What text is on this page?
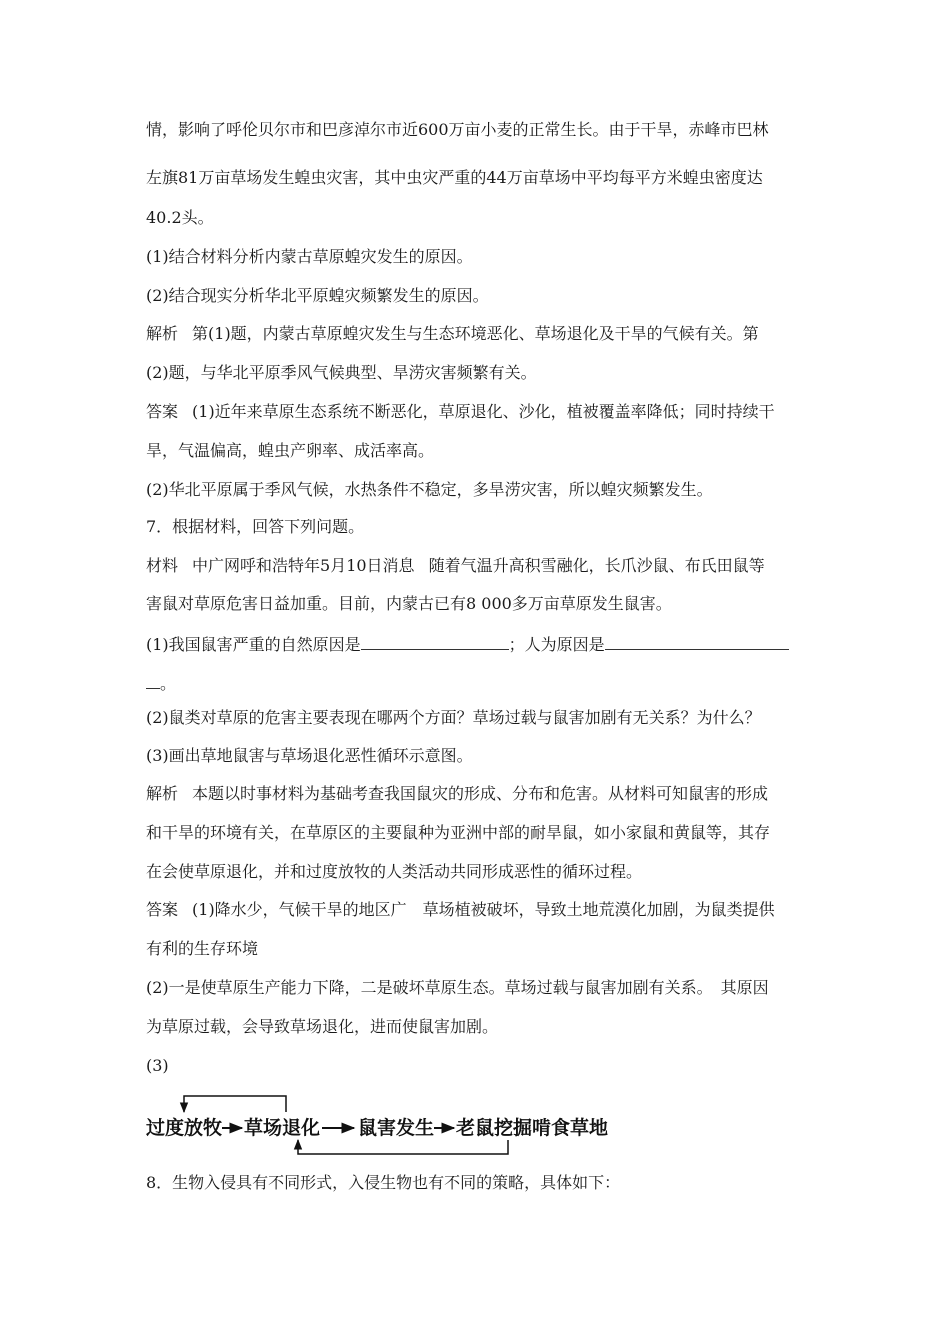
情，影响了呼伦贝尔市和巴彦淖尔市近600万亩小麦的正常生长。由于干旱，赤峰市巴林
左旗81万亩草场发生蝗虫灾害，其中虫灾严重的44万亩草场中平均每平方米蝗虫密度达
40.2头。
(1)结合材料分析内蒙古草原蝗灾发生的原因。
(2)结合现实分析华北平原蝗灾频繁发生的原因。
解析 第(1)题，内蒙古草原蝗灾发生与生态环境恶化、草场退化及干旱的气候有关。第
(2)题，与华北平原季风气候典型、旱涝灾害频繁有关。
答案 (1)近年来草原生态系统不断恶化，草原退化、沙化，植被覆盖率降低；同时持续干
旱，气温偏高，蝗虫产卵率、成活率高。
(2)华北平原属于季风气候，水热条件不稳定，多旱涝灾害，所以蝗灾频繁发生。
7．根据材料，回答下列问题。
材料 中广网呼和浩特年5月10日消息 随着气温升高积雪融化，长爪沙鼠、布氏田鼠等
害鼠对草原危害日益加重。目前，内蒙古已有8 000多万亩草原发生鼠害。
(1)我国鼠害严重的自然原因是	；人为原因是
。
(2)鼠类对草原的危害主要表现在哪两个方面？草场过载与鼠害加剧有无关系？为什么？
(3)画出草地鼠害与草场退化恶性循环示意图。
解析 本题以时事材料为基础考查我国鼠灾的形成、分布和危害。从材料可知鼠害的形成
和干旱的环境有关，在草原区的主要鼠种为亚洲中部的耐旱鼠，如小家鼠和黄鼠等，其存
在会使草原退化，并和过度放牧的人类活动共同形成恶性的循环过程。
答案 (1)降水少，气候干旱的地区广　草场植被破坏，导致土地荒漠化加剧，为鼠类提供
有利的生存环境
(2)一是使草原生产能力下降，二是破坏草原生态。草场过载与鼠害加剧有关系。　其原因
为草原过载，会导致草场退化，进而使鼠害加剧。
(3)
过度放牧 草场退化 鼠害发生 老鼠挖掘啃食草地
8．生物入侵具有不同形式，入侵生物也有不同的策略，具体如下：
